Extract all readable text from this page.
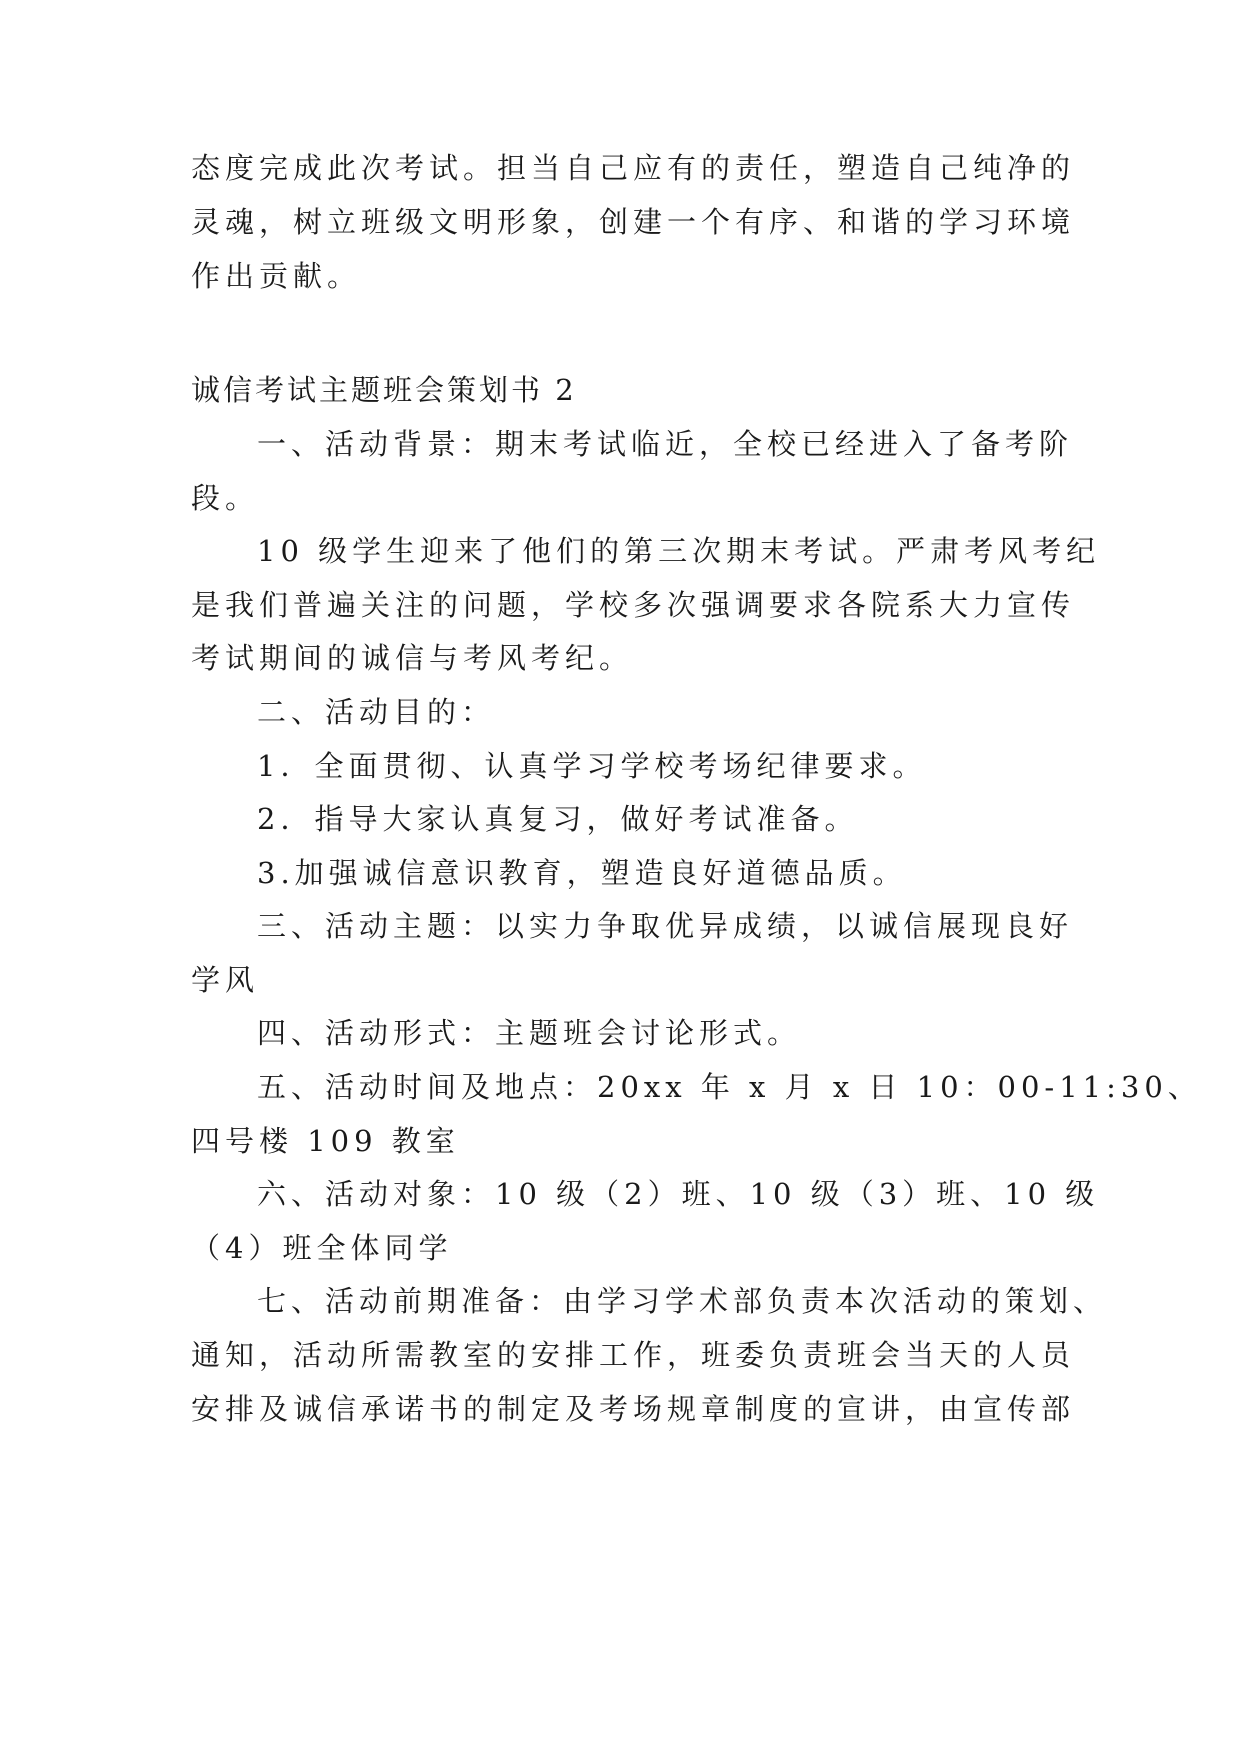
态度完成此次考试。担当自己应有的责任，塑造自己纯净的
灵魂，树立班级文明形象，创建一个有序、和谐的学习环境
作出贡献。
诚信考试主题班会策划书 2
一、活动背景：期末考试临近，全校已经进入了备考阶
段。
10 级学生迎来了他们的第三次期末考试。严肃考风考纪
是我们普遍关注的问题，学校多次强调要求各院系大力宣传
考试期间的诚信与考风考纪。
二、活动目的：
1．全面贯彻、认真学习学校考场纪律要求。
2．指导大家认真复习，做好考试准备。
3.加强诚信意识教育，塑造良好道德品质。
三、活动主题：以实力争取优异成绩，以诚信展现良好
学风
四、活动形式：主题班会讨论形式。
五、活动时间及地点：20xx 年 x 月 x 日 10：00-11:30、
四号楼 109 教室
六、活动对象：10 级（2）班、10 级（3）班、10 级
（4）班全体同学
七、活动前期准备：由学习学术部负责本次活动的策划、
通知，活动所需教室的安排工作，班委负责班会当天的人员
安排及诚信承诺书的制定及考场规章制度的宣讲，由宣传部
